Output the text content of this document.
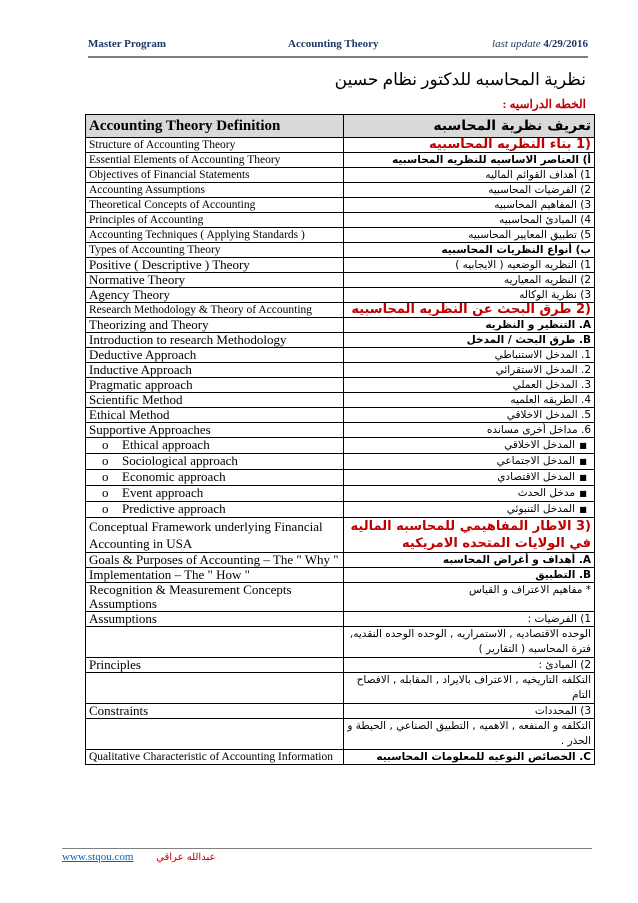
Master Program	Accounting Theory	last update 4/29/2016
نظرية المحاسبه للدكتور نظام حسين
الخطه الدراسيه :
Accounting Theory Definition	تعريف نظرية المحاسبه
Structure of Accounting Theory	(1 بناء النظريه المحاسبيه
Essential Elements of Accounting Theory	أ) العناصر الاساسيه للنظريه المحاسبيه
Objectives of Financial Statements	1) أهداف القوائم الماليه
Accounting Assumptions	2) الفرضيات المحاسبيه
Theoretical Concepts of Accounting	3) المفاهيم المحاسبيه
Principles of Accounting	4) المبادئ المحاسبيه
Accounting Techniques ( Applying Standards )	5) تطبيق المعايير المحاسبيه
Types of Accounting Theory	ب) أنواع النظريات المحاسبيه
Positive ( Descriptive ) Theory	1) النظريه الوضعيه ( الايجابيه )
Normative Theory	2) النظريه المعياريه
Agency Theory	3) نظرية الوكاله
Research Methodology & Theory of Accounting	(2 طرق البحث عن النظريه المحاسبيه
Theorizing and Theory	A. التنظير و النظريه
Introduction to research Methodology	B. طرق البحث / المدخل
Deductive Approach	1. المدخل الاستنباطي
Inductive Approach	2. المدخل الاستقرائي
Pragmatic approach	3. المدخل العملي
Scientific Method	4. الطريقه العلميه
Ethical Method	5. المدخل الاخلاقي
Supportive Approaches	6. مداخل أخرى مسانده
o Ethical approach	■المدخل الاخلاقي
o Sociological approach	■المدخل الاجتماعي
o Economic approach	■المدخل الاقتصادي
o Event approach	■مدخل الحدث
o Predictive approach	■المدخل التنبوئي
Conceptual Framework underlying Financial Accounting in USA	(3 الاطار المفاهيمي للمحاسبه الماليه في الولايات المتحده الامريكيه
Goals & Purposes of Accounting – The " Why "	A. أهداف و أغراض المحاسبه
Implementation – The " How "	B. التطبيق
Recognition & Measurement Concepts Assumptions	* مفاهيم الاعتراف و القياس
Assumptions	1) الفرضيات :
	الوحده الاقتصاديه , الاستمراريه , الوحده الوحده النقديه, فترة المحاسبه ( التقارير )
Principles	2) المبادئ :
	التكلفه التاريخيه , الاعتراف بالايراد , المقابله , الافصاح التام
Constraints	3) المحددات
	التكلفه و المنفعه , الاهميه , التطبيق الصناعي , الحيطة و الحذر .
Qualitative Characteristic of Accounting Information	C. الخصائص النوعيه للمعلومات المحاسبيه
www.stqou.com عبدالله عراقي
